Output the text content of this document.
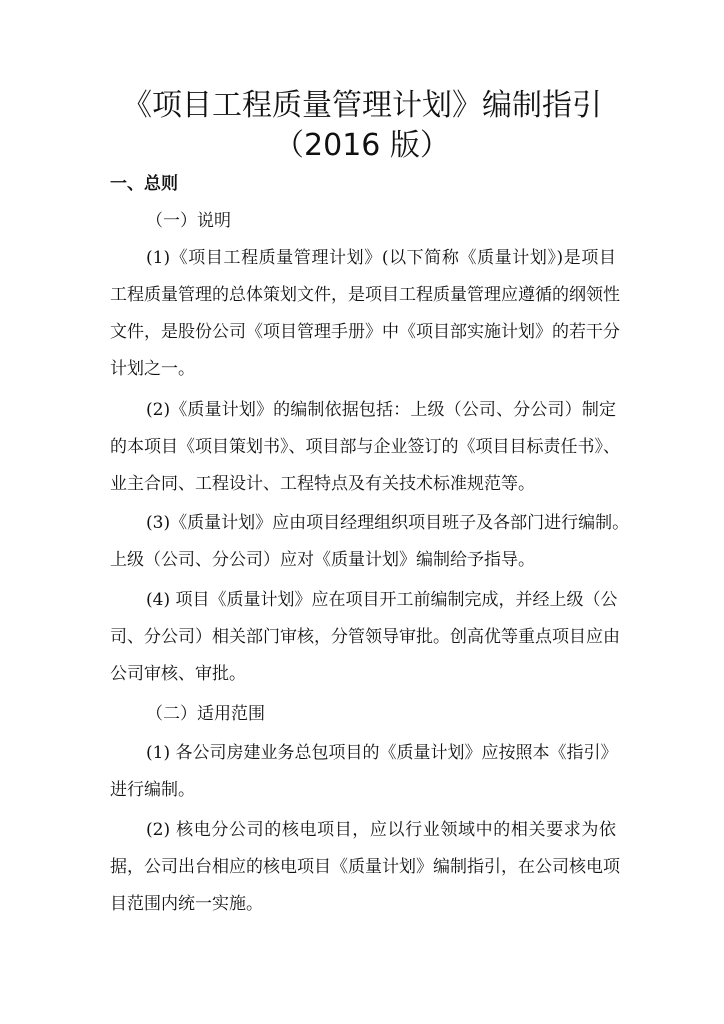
《项目工程质量管理计划》编制指引
（2016 版）
一、总则
（一）说明
(1)《项目工程质量管理计划》(以下简称《质量计划》)是项目
工程质量管理的总体策划文件，是项目工程质量管理应遵循的纲领性
文件，是股份公司《项目管理手册》中《项目部实施计划》的若干分
计划之一。
(2)《质量计划》的编制依据包括：上级（公司、分公司）制定
的本项目《项目策划书》、项目部与企业签订的《项目目标责任书》、
业主合同、工程设计、工程特点及有关技术标准规范等。
(3)《质量计划》应由项目经理组织项目班子及各部门进行编制。
上级（公司、分公司）应对《质量计划》编制给予指导。
(4) 项目《质量计划》应在项目开工前编制完成，并经上级（公
司、分公司）相关部门审核，分管领导审批。创高优等重点项目应由
公司审核、审批。
（二）适用范围
(1) 各公司房建业务总包项目的《质量计划》应按照本《指引》
进行编制。
(2) 核电分公司的核电项目，应以行业领域中的相关要求为依
据，公司出台相应的核电项目《质量计划》编制指引，在公司核电项
目范围内统一实施。
